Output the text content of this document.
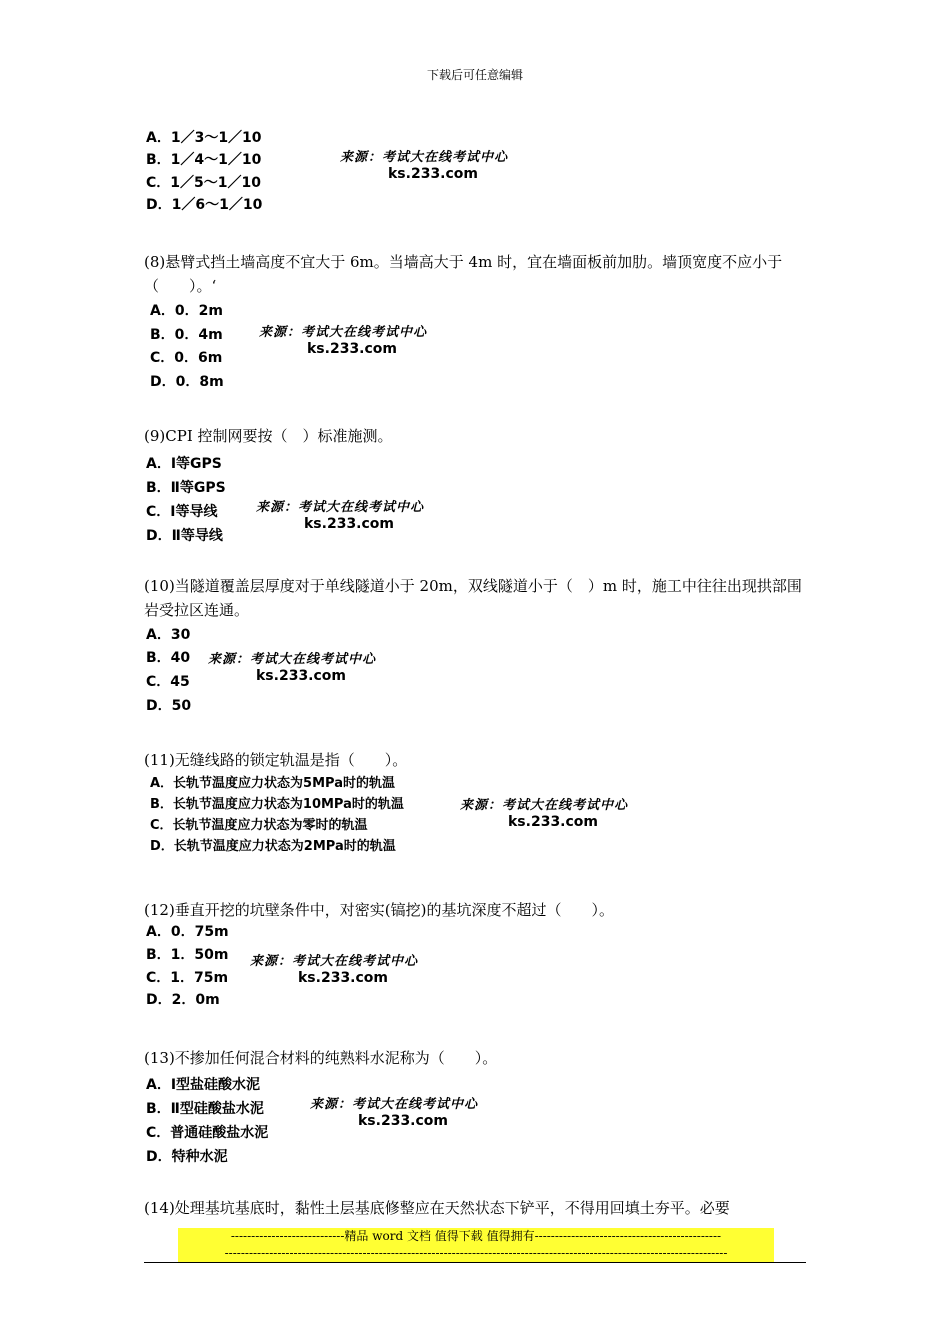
下载后可任意编辑
A．1／3～1／10
B．1／4～1／10
C．1／5～1／10
D．1／6～1／10
来源：考试大在线考试中心
ks.233.com
(8)悬臂式挡土墙高度不宜大于 6m。当墙高大于 4m 时，宜在墙面板前加肋。墙顶宽度不应小于（　　）。‘
A．0．2m
B．0．4m
C．0．6m
D．0．8m
来源：考试大在线考试中心
ks.233.com
(9)CPI 控制网要按（　）标准施测。
A．Ⅰ等GPS
B．Ⅱ等GPS
C．Ⅰ等导线
D．Ⅱ等导线
来源：考试大在线考试中心
ks.233.com
(10)当隧道覆盖层厚度对于单线隧道小于 20m，双线隧道小于（　）m 时，施工中往往出现拱部围岩受拉区连通。
A．30
B．40
C．45
D．50
来源：考试大在线考试中心
ks.233.com
(11)无缝线路的锁定轨温是指（　　）。
A．长轨节温度应力状态为5MPa时的轨温
B．长轨节温度应力状态为10MPa时的轨温
C．长轨节温度应力状态为零时的轨温
D．长轨节温度应力状态为2MPa时的轨温
来源：考试大在线考试中心
ks.233.com
(12)垂直开挖的坑壁条件中，对密实(镐挖)的基坑深度不超过（　　）。
A．0．75m
B．1．50m
C．1．75m
D．2．0m
来源：考试大在线考试中心
ks.233.com
(13)不掺加任何混合材料的纯熟料水泥称为（　　）。
A．Ⅰ型盐硅酸水泥
B．Ⅱ型硅酸盐水泥
C．普通硅酸盐水泥
D．特种水泥
来源：考试大在线考试中心
ks.233.com
(14)处理基坑基底时，黏性土层基底修整应在天然状态下铲平，不得用回填土夯平。必要
----------------------------精品 word 文档 值得下载 值得拥有----------------------------------------------
----------------------------------------------------------------------------------------------------------------------------
